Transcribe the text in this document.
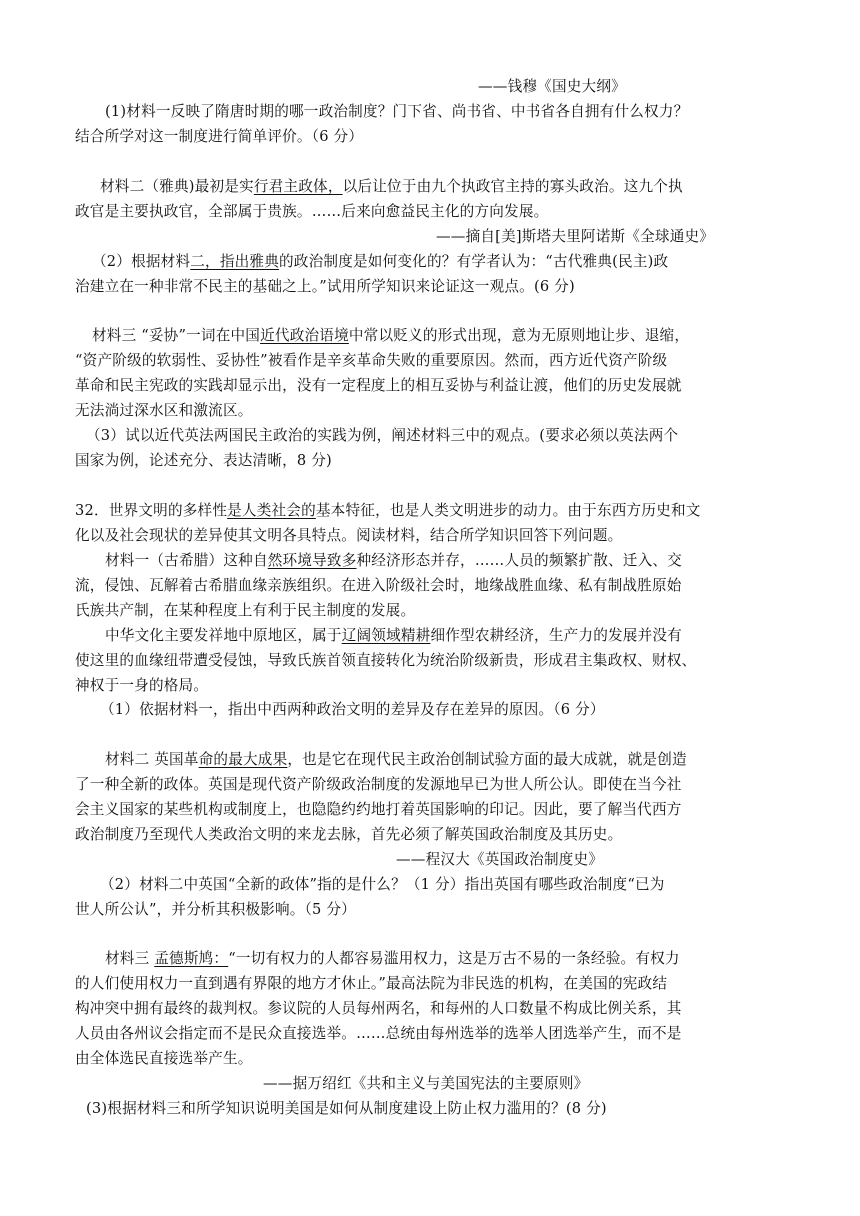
——钱穆《国史大纲》
(1)材料一反映了隋唐时期的哪一政治制度？门下省、尚书省、中书省各自拥有什么权力？
结合所学对这一制度进行简单评价。（6 分）
材料二（雅典)最初是实行君主政体，以后让位于由九个执政官主持的寡头政治。这九个执
政官是主要执政官，全部属于贵族。……后来向愈益民主化的方向发展。
——摘自[美]斯塔夫里阿诺斯《全球通史》
（2）根据材料二，指出雅典的政治制度是如何变化的？有学者认为：“古代雅典(民主)政
治建立在一种非常不民主的基础之上。”试用所学知识来论证这一观点。(6 分)
材料三 “妥协”一词在中国近代政治语境中常以贬义的形式出现，意为无原则地让步、退缩，
“资产阶级的软弱性、妥协性”被看作是辛亥革命失败的重要原因。然而，西方近代资产阶级
革命和民主宪政的实践却显示出，没有一定程度上的相互妥协与利益让渡，他们的历史发展就
无法淌过深水区和激流区。
（3）试以近代英法两国民主政治的实践为例，阐述材料三中的观点。(要求必须以英法两个
国家为例，论述充分、表达清晰，8 分)
32．世界文明的多样性是人类社会的基本特征，也是人类文明进步的动力。由于东西方历史和文
化以及社会现状的差异使其文明各具特点。阅读材料，结合所学知识回答下列问题。
材料一（古希腊）这种自然环境导致多种经济形态并存，……人员的频繁扩散、迁入、交
流，侵蚀、瓦解着古希腊血缘亲族组织。在进入阶级社会时，地缘战胜血缘、私有制战胜原始
氏族共产制，在某种程度上有利于民主制度的发展。
中华文化主要发祥地中原地区，属于辽阔领域精耕细作型农耕经济，生产力的发展并没有
使这里的血缘纽带遭受侵蚀，导致氏族首领直接转化为统治阶级新贵，形成君主集政权、财权、
神权于一身的格局。
（1）依据材料一，指出中西两种政治文明的差异及存在差异的原因。（6 分）
材料二 英国革命的最大成果，也是它在现代民主政治创制试验方面的最大成就，就是创造
了一种全新的政体。英国是现代资产阶级政治制度的发源地早已为世人所公认。即使在当今社
会主义国家的某些机构或制度上，也隐隐约约地打着英国影响的印记。因此，要了解当代西方
政治制度乃至现代人类政治文明的来龙去脉，首先必须了解英国政治制度及其历史。
——程汉大《英国政治制度史》
（2）材料二中英国“全新的政体”指的是什么？（1 分）指出英国有哪些政治制度“已为
世人所公认”，并分析其积极影响。（5 分）
材料三 孟德斯鸠：“一切有权力的人都容易滥用权力，这是万古不易的一条经验。有权力
的人们使用权力一直到遇有界限的地方才休止。”最高法院为非民选的机构，在美国的宪政结
构冲突中拥有最终的裁判权。参议院的人员每州两名，和每州的人口数量不构成比例关系，其
人员由各州议会指定而不是民众直接选举。……总统由每州选举的选举人团选举产生，而不是
由全体选民直接选举产生。
——据万绍红《共和主义与美国宪法的主要原则》
(3)根据材料三和所学知识说明美国是如何从制度建设上防止权力滥用的？(8 分)
